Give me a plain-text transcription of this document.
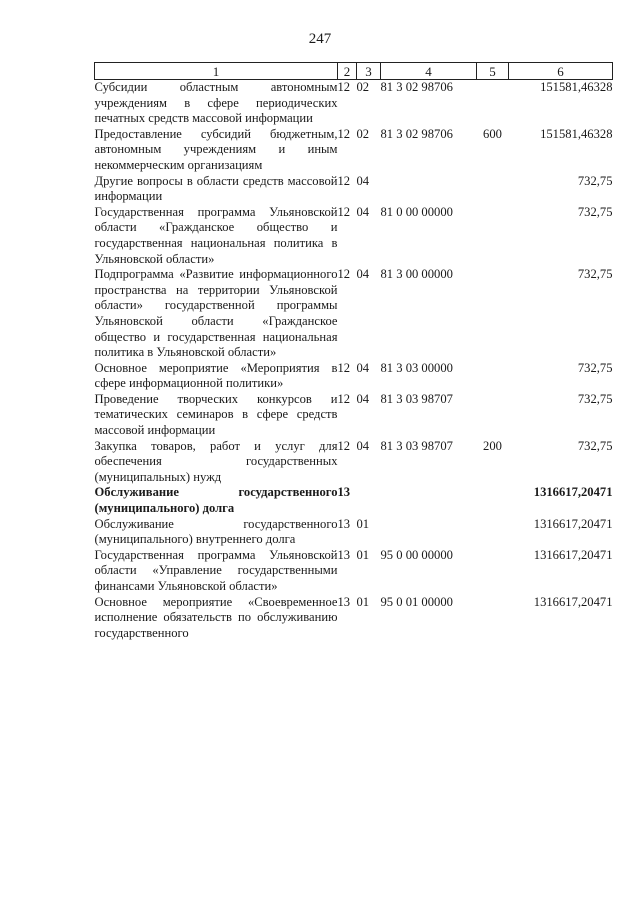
247
1	2	3	4	5	6
Субсидии областным автономным учреждениям в сфере периодических печатных средств массовой информации	12	02	81 3 02 98706		151581,46328
Предоставление субсидий бюджетным, автономным учреждениям и иным некоммерческим организациям	12	02	81 3 02 98706	600	151581,46328
Другие вопросы в области средств массовой информации	12	04			732,75
Государственная программа Ульяновской области «Гражданское общество и государственная национальная политика в Ульяновской области»	12	04	81 0 00 00000		732,75
Подпрограмма «Развитие информационного пространства на территории Ульяновской области» государственной программы Ульяновской области «Гражданское общество и государственная национальная политика в Ульяновской области»	12	04	81 3 00 00000		732,75
Основное мероприятие «Мероприятия в сфере информационной политики»	12	04	81 3 03 00000		732,75
Проведение творческих конкурсов и тематических семинаров в сфере средств массовой информации	12	04	81 3 03 98707		732,75
Закупка товаров, работ и услуг для обеспечения государственных (муниципальных) нужд	12	04	81 3 03 98707	200	732,75
Обслуживание государственного (муниципального) долга	13				1316617,20471
Обслуживание государственного (муниципального) внутреннего долга	13	01			1316617,20471
Государственная программа Ульяновской области «Управление государственными финансами Ульяновской области»	13	01	95 0 00 00000		1316617,20471
Основное мероприятие «Своевременное исполнение обязательств по обслуживанию государственного	13	01	95 0 01 00000		1316617,20471
